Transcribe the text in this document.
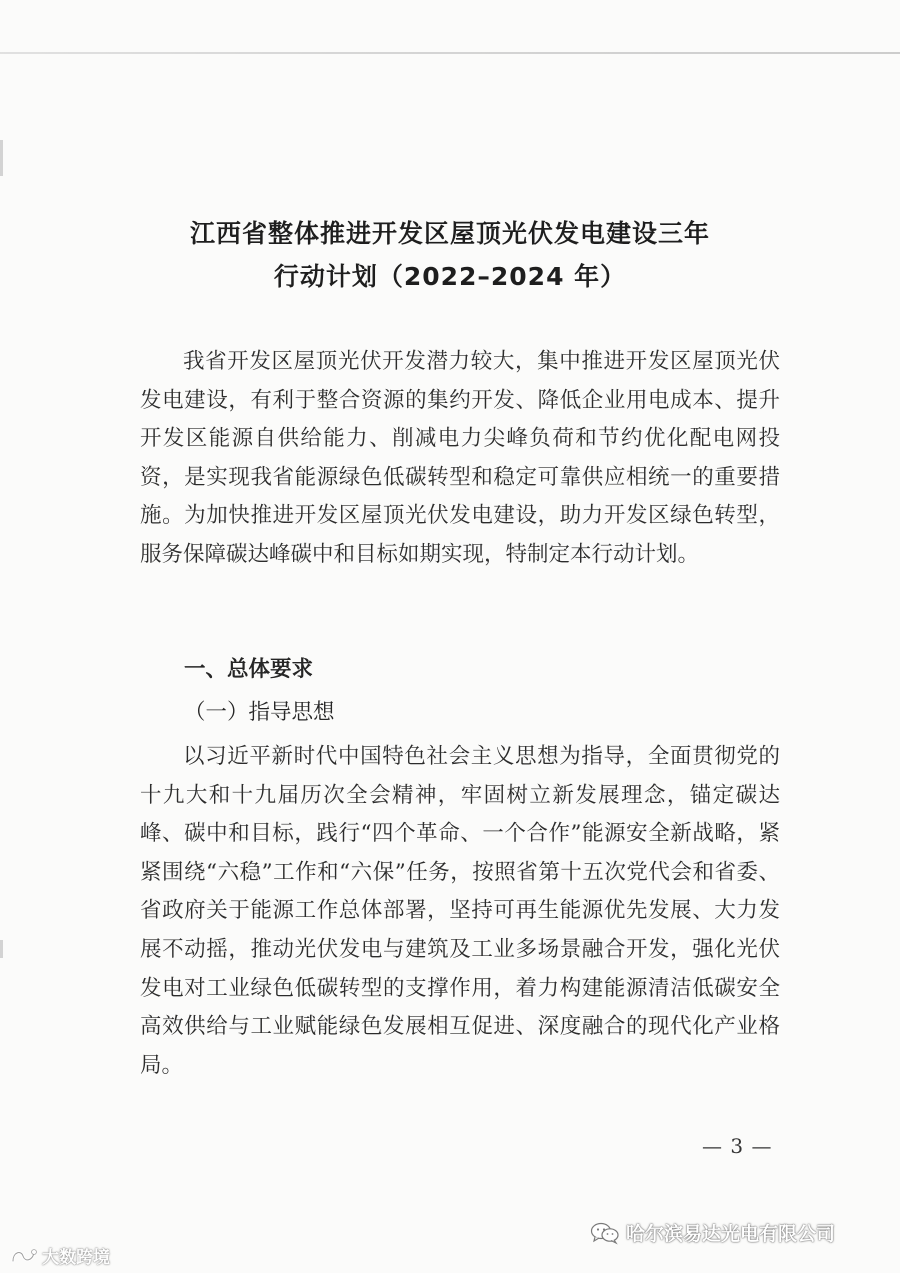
江西省整体推进开发区屋顶光伏发电建设三年
行动计划（2022–2024 年）

我省开发区屋顶光伏开发潜力较大，集中推进开发区屋顶光伏发电建设，有利于整合资源的集约开发、降低企业用电成本、提升开发区能源自供给能力、削减电力尖峰负荷和节约优化配电网投资，是实现我省能源绿色低碳转型和稳定可靠供应相统一的重要措施。为加快推进开发区屋顶光伏发电建设，助力开发区绿色转型，服务保障碳达峰碳中和目标如期实现，特制定本行动计划。

一、总体要求

（一）指导思想

以习近平新时代中国特色社会主义思想为指导，全面贯彻党的十九大和十九届历次全会精神，牢固树立新发展理念，锚定碳达峰、碳中和目标，践行“四个革命、一个合作”能源安全新战略，紧紧围绕“六稳”工作和“六保”任务，按照省第十五次党代会和省委、省政府关于能源工作总体部署，坚持可再生能源优先发展、大力发展不动摇，推动光伏发电与建筑及工业多场景融合开发，强化光伏发电对工业绿色低碳转型的支撑作用，着力构建能源清洁低碳安全高效供给与工业赋能绿色发展相互促进、深度融合的现代化产业格局。

— 3 —
大数跨境
哈尔滨易达光电有限公司
